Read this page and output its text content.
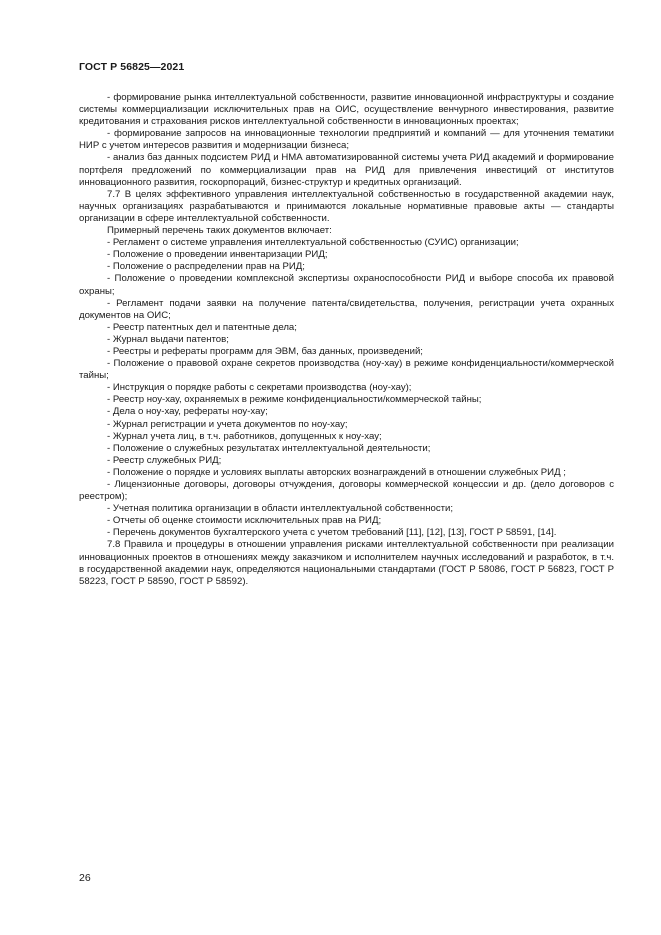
ГОСТ Р 56825—2021

- формирование рынка интеллектуальной собственности, развитие инновационной инфраструктуры и создание системы коммерциализации исключительных прав на ОИС, осуществление венчурного инвестирования, развитие кредитования и страхования рисков интеллектуальной собственности в инновационных проектах;

- формирование запросов на инновационные технологии предприятий и компаний — для уточнения тематики НИР с учетом интересов развития и модернизации бизнеса;

- анализ баз данных подсистем РИД и НМА автоматизированной системы учета РИД академий и формирование портфеля предложений по коммерциализации прав на РИД для привлечения инвестиций от институтов инновационного развития, госкорпораций, бизнес-структур и кредитных организаций.

7.7 В целях эффективного управления интеллектуальной собственностью в государственной академии наук, научных организациях разрабатываются и принимаются локальные нормативные правовые акты — стандарты организации в сфере интеллектуальной собственности.

Примерный перечень таких документов включает:

- Регламент о системе управления интеллектуальной собственностью (СУИС) организации;

- Положение о проведении инвентаризации РИД;

- Положение о распределении прав на РИД;

- Положение о проведении комплексной экспертизы охраноспособности РИД и выборе способа их правовой охраны;

- Регламент подачи заявки на получение патента/свидетельства, получения, регистрации учета охранных документов на ОИС;

- Реестр патентных дел и патентные дела;

- Журнал выдачи патентов;

- Реестры и рефераты программ для ЭВМ, баз данных, произведений;

- Положение о правовой охране секретов производства (ноу-хау) в режиме конфиденциальности/коммерческой тайны;

- Инструкция о порядке работы с секретами производства (ноу-хау);

- Реестр ноу-хау, охраняемых в режиме конфиденциальности/коммерческой тайны;

- Дела о ноу-хау, рефераты ноу-хау;

- Журнал регистрации и учета документов по ноу-хау;

- Журнал учета лиц, в т.ч. работников, допущенных к ноу-хау;

- Положение о служебных результатах интеллектуальной деятельности;

- Реестр служебных РИД;

- Положение о порядке и условиях выплаты авторских вознаграждений в отношении служебных РИД ;

- Лицензионные договоры, договоры отчуждения, договоры коммерческой концессии и др. (дело договоров с реестром);

- Учетная политика организации в области интеллектуальной собственности;

- Отчеты об оценке стоимости исключительных прав на РИД;

- Перечень документов бухгалтерского учета с учетом требований [11], [12], [13], ГОСТ Р 58591, [14].

7.8 Правила и процедуры в отношении управления рисками интеллектуальной собственности при реализации инновационных проектов в отношениях между заказчиком и исполнителем научных исследований и разработок, в т.ч. в государственной академии наук, определяются национальными стандартами (ГОСТ Р 58086, ГОСТ Р 56823, ГОСТ Р 58223, ГОСТ Р 58590, ГОСТ Р 58592).

26
